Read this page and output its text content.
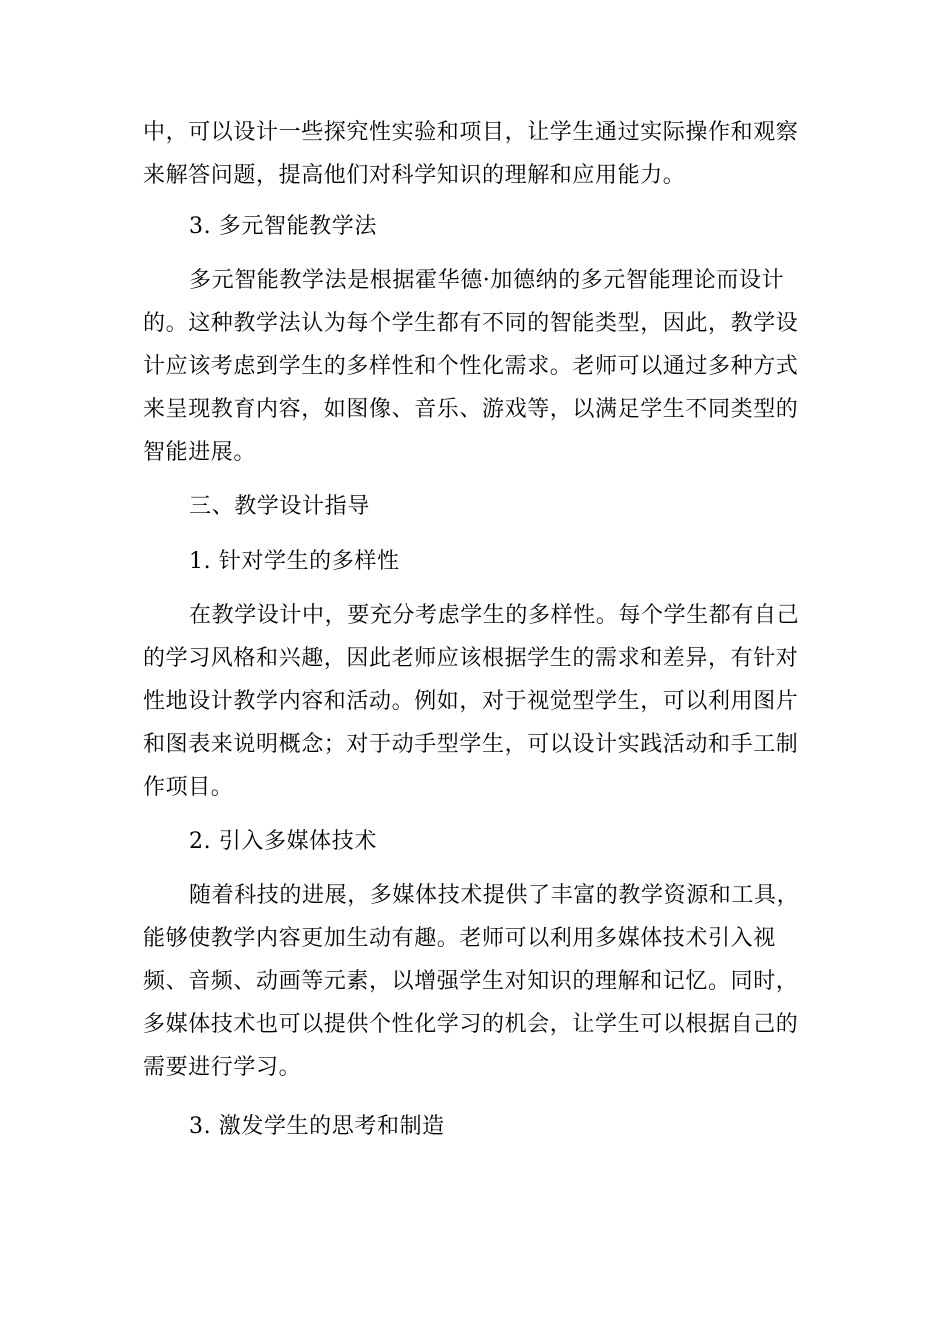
中，可以设计一些探究性实验和项目，让学生通过实际操作和观察来解答问题，提高他们对科学知识的理解和应用能力。

3. 多元智能教学法

多元智能教学法是根据霍华德·加德纳的多元智能理论而设计的。这种教学法认为每个学生都有不同的智能类型，因此，教学设计应该考虑到学生的多样性和个性化需求。老师可以通过多种方式来呈现教育内容，如图像、音乐、游戏等，以满足学生不同类型的智能进展。

三、教学设计指导

1. 针对学生的多样性

在教学设计中，要充分考虑学生的多样性。每个学生都有自己的学习风格和兴趣，因此老师应该根据学生的需求和差异，有针对性地设计教学内容和活动。例如，对于视觉型学生，可以利用图片和图表来说明概念；对于动手型学生，可以设计实践活动和手工制作项目。

2. 引入多媒体技术

随着科技的进展，多媒体技术提供了丰富的教学资源和工具，能够使教学内容更加生动有趣。老师可以利用多媒体技术引入视频、音频、动画等元素，以增强学生对知识的理解和记忆。同时，多媒体技术也可以提供个性化学习的机会，让学生可以根据自己的需要进行学习。

3. 激发学生的思考和制造
